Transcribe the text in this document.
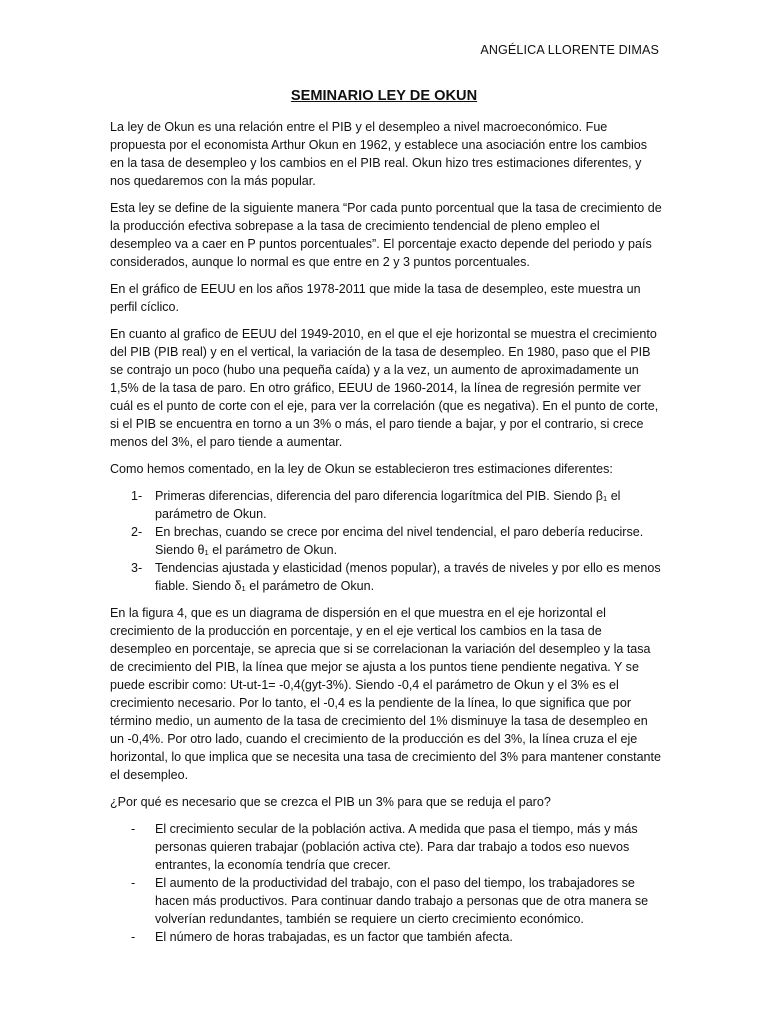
ANGÉLICA LLORENTE DIMAS
SEMINARIO LEY DE OKUN

La ley de Okun es una relación entre el PIB y el desempleo a nivel macroeconómico. Fue propuesta por el economista Arthur Okun en 1962, y establece una asociación entre los cambios en la tasa de desempleo y los cambios en el PIB real. Okun hizo tres estimaciones diferentes, y nos quedaremos con la más popular.

Esta ley se define de la siguiente manera “Por cada punto porcentual que la tasa de crecimiento de la producción efectiva sobrepase a la tasa de crecimiento tendencial de pleno empleo el desempleo va a caer en P puntos porcentuales”. El porcentaje exacto depende del periodo y país considerados, aunque lo normal es que entre en 2 y 3 puntos porcentuales.

En el gráfico de EEUU en los años 1978-2011 que mide la tasa de desempleo, este muestra un perfil cíclico.

En cuanto al grafico de EEUU del 1949-2010, en el que el eje horizontal se muestra el crecimiento del PIB (PIB real) y en el vertical, la variación de la tasa de desempleo. En 1980, paso que el PIB se contrajo un poco (hubo una pequeña caída) y a la vez, un aumento de aproximadamente un 1,5% de la tasa de paro. En otro gráfico, EEUU de 1960-2014, la línea de regresión permite ver cuál es el punto de corte con el eje, para ver la correlación (que es negativa). En el punto de corte, si el PIB se encuentra en torno a un 3% o más, el paro tiende a bajar, y por el contrario, si crece menos del 3%, el paro tiende a aumentar.

Como hemos comentado, en la ley de Okun se establecieron tres estimaciones diferentes:

1- Primeras diferencias, diferencia del paro diferencia logarítmica del PIB. Siendo β₁ el parámetro de Okun.
2- En brechas, cuando se crece por encima del nivel tendencial, el paro debería reducirse. Siendo θ₁ el parámetro de Okun.
3- Tendencias ajustada y elasticidad (menos popular), a través de niveles y por ello es menos fiable. Siendo δ₁ el parámetro de Okun.

En la figura 4, que es un diagrama de dispersión en el que muestra en el eje horizontal el crecimiento de la producción en porcentaje, y en el eje vertical los cambios en la tasa de desempleo en porcentaje, se aprecia que si se correlacionan la variación del desempleo y la tasa de crecimiento del PIB, la línea que mejor se ajusta a los puntos tiene pendiente negativa. Y se puede escribir como: Ut-ut-1= -0,4(gyt-3%). Siendo -0,4 el parámetro de Okun y el 3% es el crecimiento necesario. Por lo tanto, el -0,4 es la pendiente de la línea, lo que significa que por término medio, un aumento de la tasa de crecimiento del 1% disminuye la tasa de desempleo en un -0,4%. Por otro lado, cuando el crecimiento de la producción es del 3%, la línea cruza el eje horizontal, lo que implica que se necesita una tasa de crecimiento del 3% para mantener constante el desempleo.

¿Por qué es necesario que se crezca el PIB un 3% para que se reduja el paro?

- El crecimiento secular de la población activa. A medida que pasa el tiempo, más y más personas quieren trabajar (población activa cte). Para dar trabajo a todos eso nuevos entrantes, la economía tendría que crecer.
- El aumento de la productividad del trabajo, con el paso del tiempo, los trabajadores se hacen más productivos. Para continuar dando trabajo a personas que de otra manera se volverían redundantes, también se requiere un cierto crecimiento económico.
- El número de horas trabajadas, es un factor que también afecta.
